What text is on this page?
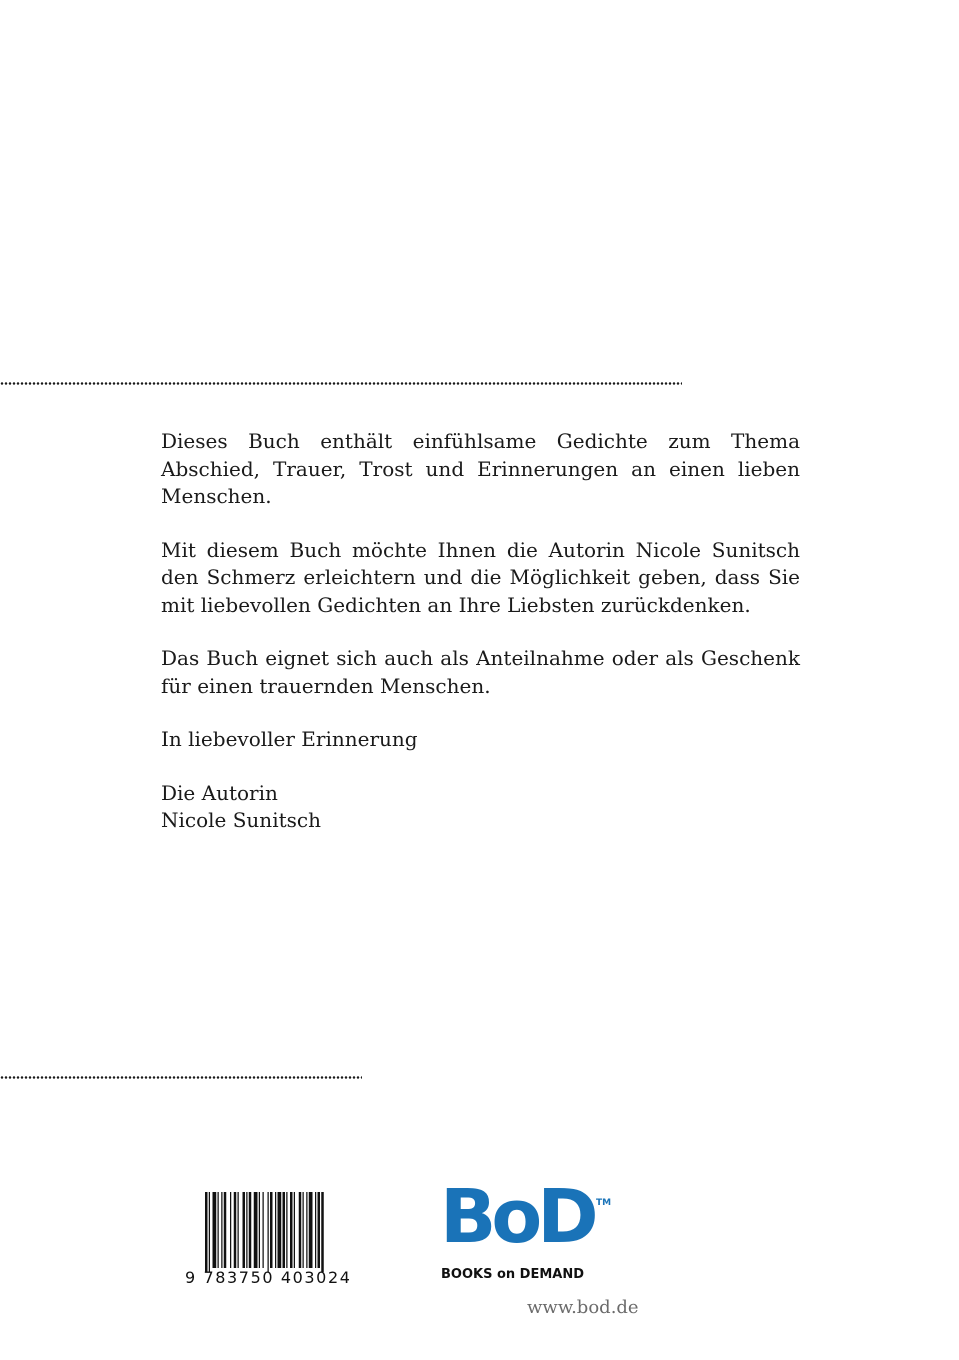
Dieses Buch enthält einfühlsame Gedichte zum Thema Abschied, Trauer, Trost und Erinnerungen an einen lieben Menschen.

Mit diesem Buch möchte Ihnen die Autorin Nicole Sunitsch den Schmerz erleichtern und die Möglichkeit geben, dass Sie mit liebevollen Gedichten an Ihre Liebsten zurückdenken.

Das Buch eignet sich auch als Anteilnahme oder als Geschenk für einen trauernden Menschen.

In liebevoller Erinnerung

Die Autorin

Nicole Sunitsch

9 783750 403024
BoD TM
BOOKS on DEMAND
www.bod.de
